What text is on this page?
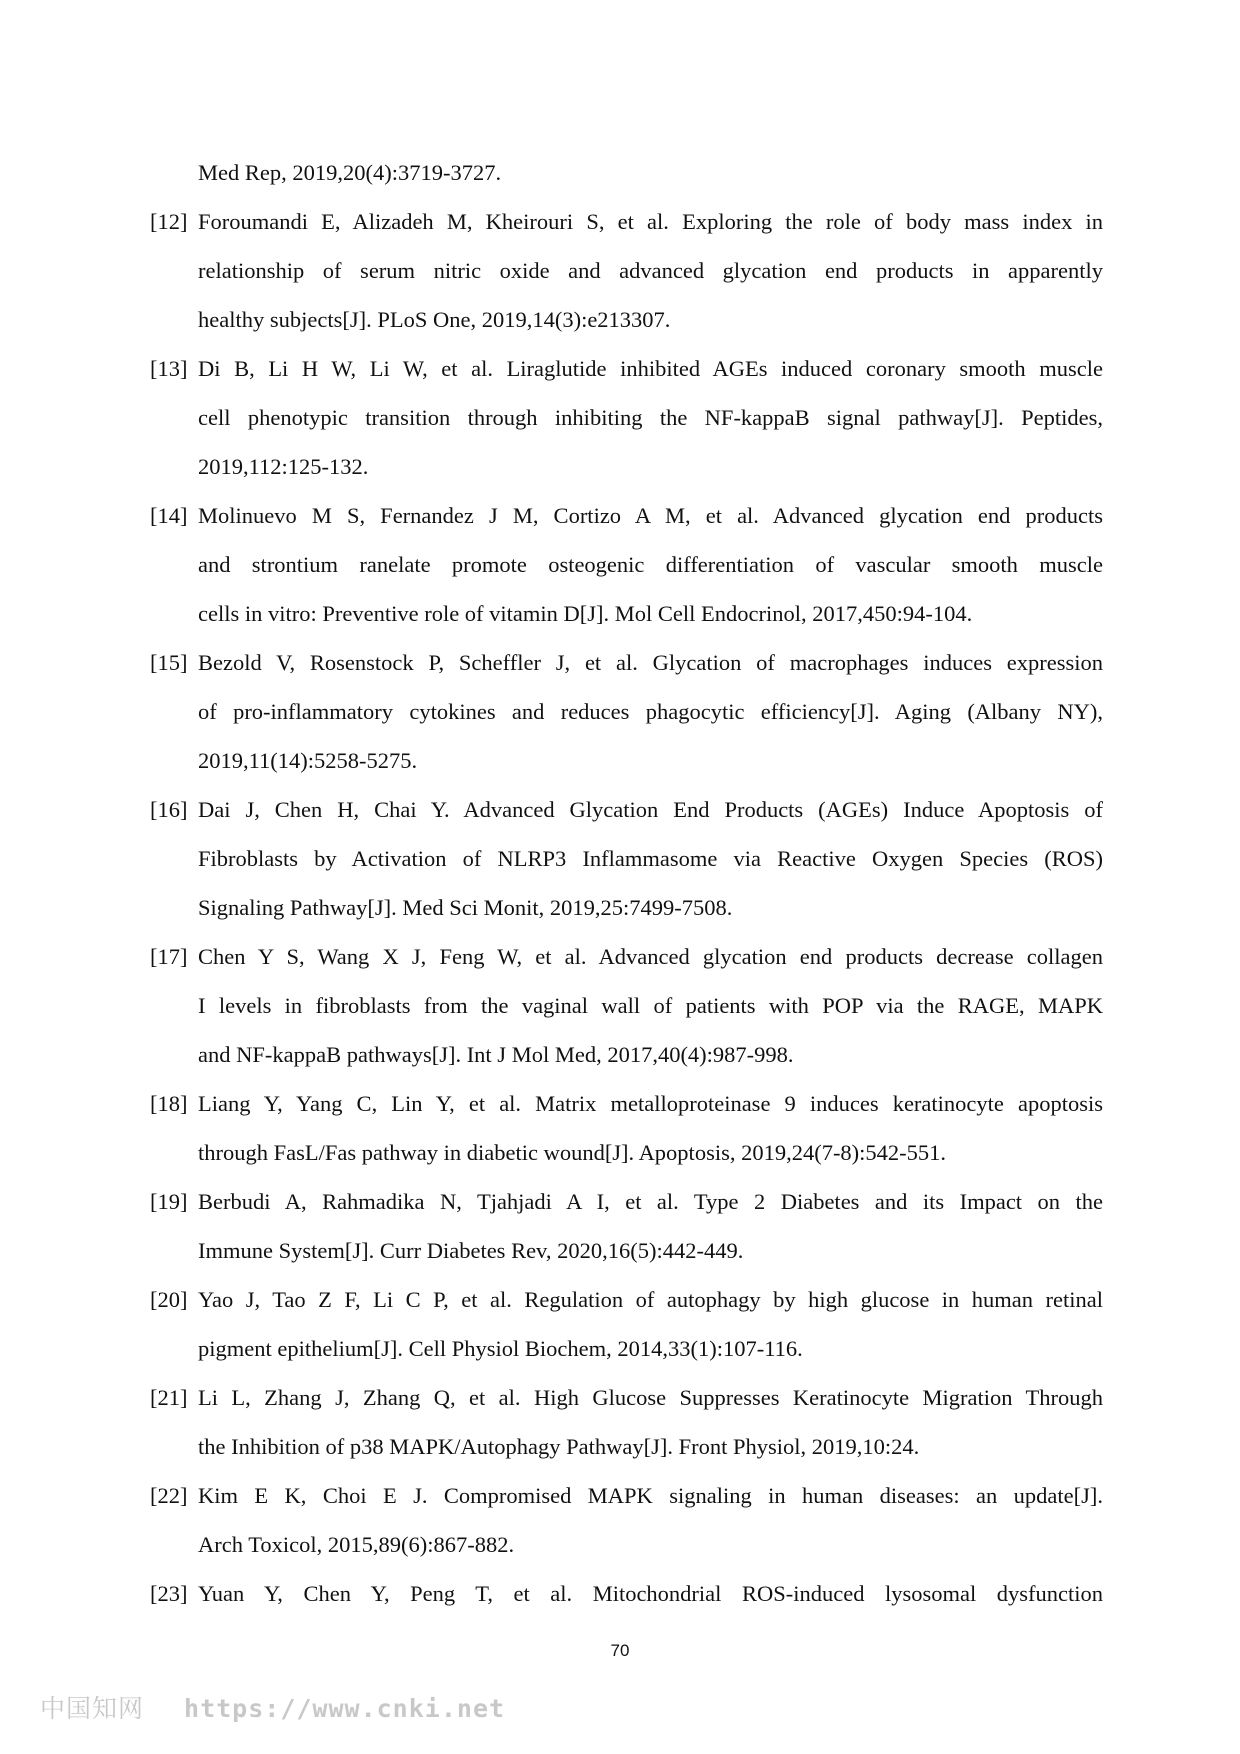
Med Rep, 2019,20(4):3719-3727.
[12] Foroumandi E, Alizadeh M, Kheirouri S, et al. Exploring the role of body mass index in
relationship of serum nitric oxide and advanced glycation end products in apparently
healthy subjects[J]. PLoS One, 2019,14(3):e213307.
[13] Di B, Li H W, Li W, et al. Liraglutide inhibited AGEs induced coronary smooth muscle
cell phenotypic transition through inhibiting the NF-kappaB signal pathway[J]. Peptides,
2019,112:125-132.
[14] Molinuevo M S, Fernandez J M, Cortizo A M, et al. Advanced glycation end products
and strontium ranelate promote osteogenic differentiation of vascular smooth muscle
cells in vitro: Preventive role of vitamin D[J]. Mol Cell Endocrinol, 2017,450:94-104.
[15] Bezold V, Rosenstock P, Scheffler J, et al. Glycation of macrophages induces expression
of pro-inflammatory cytokines and reduces phagocytic efficiency[J]. Aging (Albany NY),
2019,11(14):5258-5275.
[16] Dai J, Chen H, Chai Y. Advanced Glycation End Products (AGEs) Induce Apoptosis of
Fibroblasts by Activation of NLRP3 Inflammasome via Reactive Oxygen Species (ROS)
Signaling Pathway[J]. Med Sci Monit, 2019,25:7499-7508.
[17] Chen Y S, Wang X J, Feng W, et al. Advanced glycation end products decrease collagen
I levels in fibroblasts from the vaginal wall of patients with POP via the RAGE, MAPK
and NF-kappaB pathways[J]. Int J Mol Med, 2017,40(4):987-998.
[18] Liang Y, Yang C, Lin Y, et al. Matrix metalloproteinase 9 induces keratinocyte apoptosis
through FasL/Fas pathway in diabetic wound[J]. Apoptosis, 2019,24(7-8):542-551.
[19] Berbudi A, Rahmadika N, Tjahjadi A I, et al. Type 2 Diabetes and its Impact on the
Immune System[J]. Curr Diabetes Rev, 2020,16(5):442-449.
[20] Yao J, Tao Z F, Li C P, et al. Regulation of autophagy by high glucose in human retinal
pigment epithelium[J]. Cell Physiol Biochem, 2014,33(1):107-116.
[21] Li L, Zhang J, Zhang Q, et al. High Glucose Suppresses Keratinocyte Migration Through
the Inhibition of p38 MAPK/Autophagy Pathway[J]. Front Physiol, 2019,10:24.
[22] Kim E K, Choi E J. Compromised MAPK signaling in human diseases: an update[J].
Arch Toxicol, 2015,89(6):867-882.
[23] Yuan Y, Chen Y, Peng T, et al. Mitochondrial ROS-induced lysosomal dysfunction
70
中国知网 https://www.cnki.net
